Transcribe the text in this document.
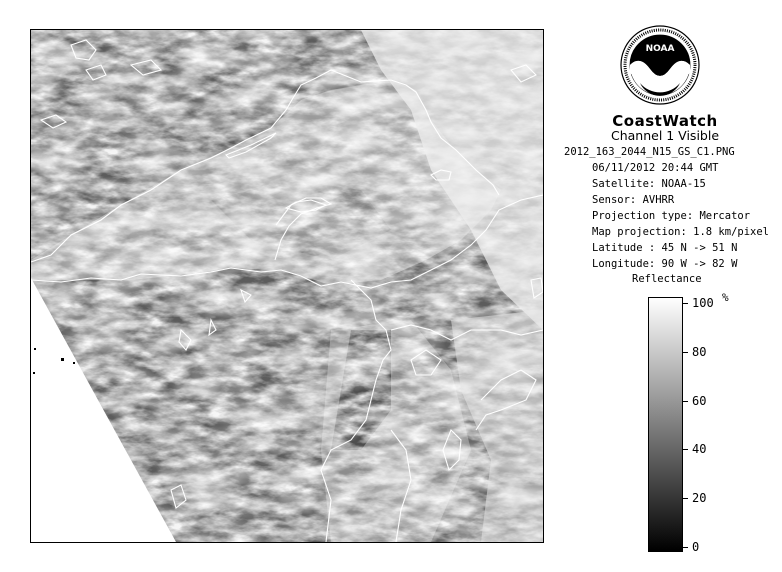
NOAA
CoastWatch
Channel 1 Visible
2012_163_2044_N15_GS_C1.PNG
06/11/2012 20:44 GMT
Satellite: NOAA-15
Sensor: AVHRR
Projection type: Mercator
Map projection: 1.8 km/pixel
Latitude : 45 N -> 51 N
Longitude: 90 W -> 82 W
Reflectance
%
100
80
60
40
20
0
